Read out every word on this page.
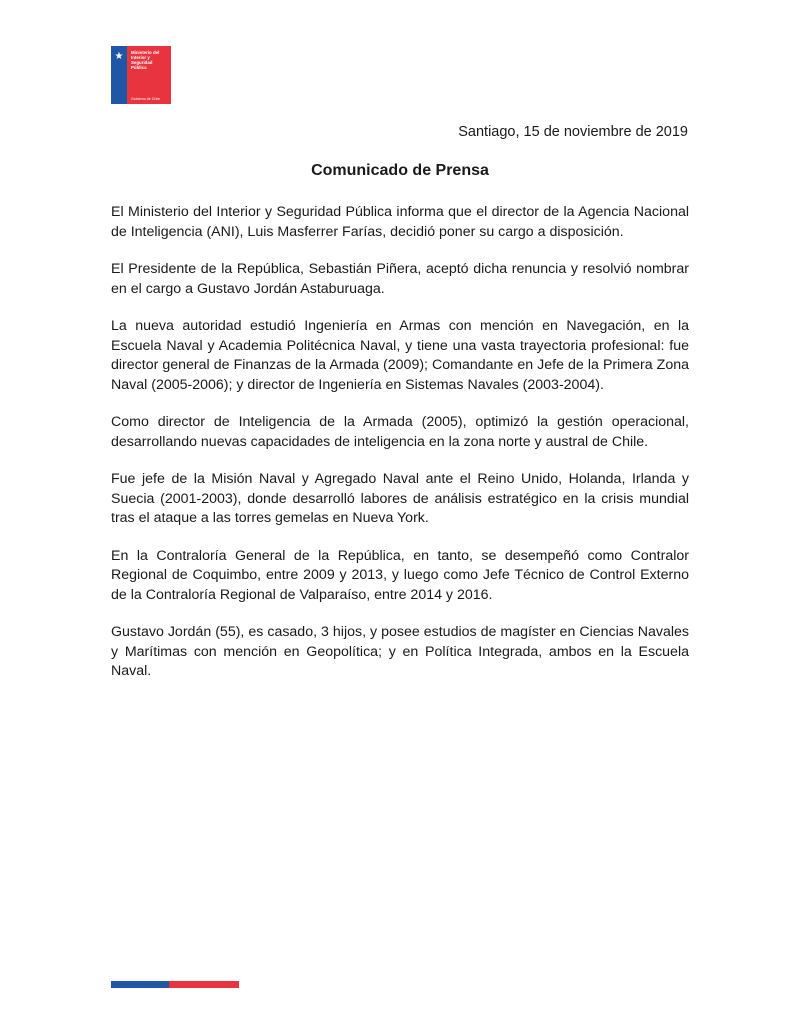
★ Ministerio del Interior y Seguridad Pública
Gobierno de Chile
Santiago, 15 de noviembre de 2019
Comunicado de Prensa

El Ministerio del Interior y Seguridad Pública informa que el director de la Agencia Nacional de Inteligencia (ANI), Luis Masferrer Farías, decidió poner su cargo a disposición.

El Presidente de la República, Sebastián Piñera, aceptó dicha renuncia y resolvió nombrar en el cargo a Gustavo Jordán Astaburuaga.

La nueva autoridad estudió Ingeniería en Armas con mención en Navegación, en la Escuela Naval y Academia Politécnica Naval, y tiene una vasta trayectoria profesional: fue director general de Finanzas de la Armada (2009); Comandante en Jefe de la Primera Zona Naval (2005-2006); y director de Ingeniería en Sistemas Navales (2003-2004).

Como director de Inteligencia de la Armada (2005), optimizó la gestión operacional, desarrollando nuevas capacidades de inteligencia en la zona norte y austral de Chile.

Fue jefe de la Misión Naval y Agregado Naval ante el Reino Unido, Holanda, Irlanda y Suecia (2001-2003), donde desarrolló labores de análisis estratégico en la crisis mundial tras el ataque a las torres gemelas en Nueva York.

En la Contraloría General de la República, en tanto, se desempeñó como Contralor Regional de Coquimbo, entre 2009 y 2013, y luego como Jefe Técnico de Control Externo de la Contraloría Regional de Valparaíso, entre 2014 y 2016.

Gustavo Jordán (55), es casado, 3 hijos, y posee estudios de magíster en Ciencias Navales y Marítimas con mención en Geopolítica; y en Política Integrada, ambos en la Escuela Naval.
